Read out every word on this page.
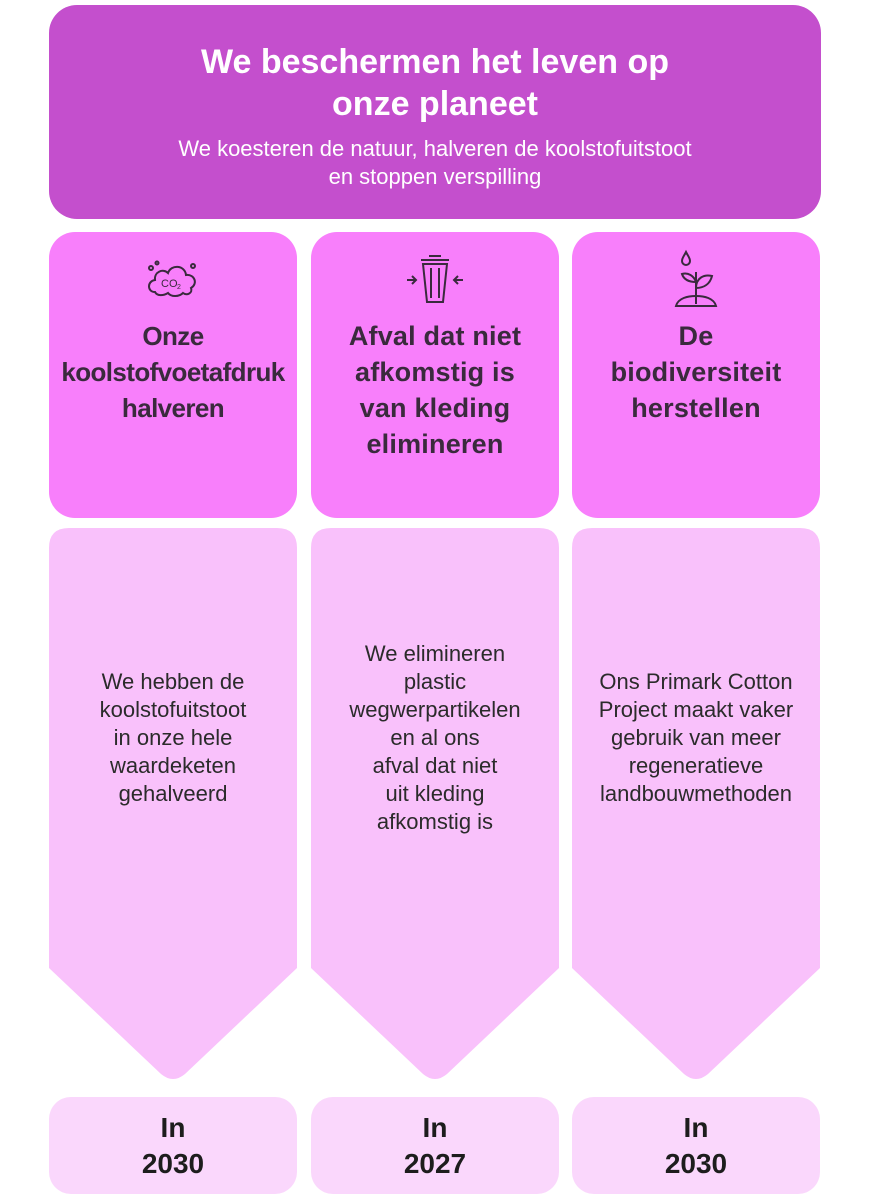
We beschermen het leven op
onze planeet

We koesteren de natuur, halveren de koolstofuitstoot
en stoppen verspilling

CO 2
Onze
koolstofvoetafdruk
halveren
We hebben de
koolstofuitstoot
in onze hele
waardeketen
gehalveerd
In
2030
Afval dat niet
afkomstig is
van kleding
elimineren
We elimineren
plastic
wegwerpartikelen
en al ons
afval dat niet
uit kleding
afkomstig is
In
2027
De
biodiversiteit
herstellen
Ons Primark Cotton
Project maakt vaker
gebruik van meer
regeneratieve
landbouwmethoden
In
2030
